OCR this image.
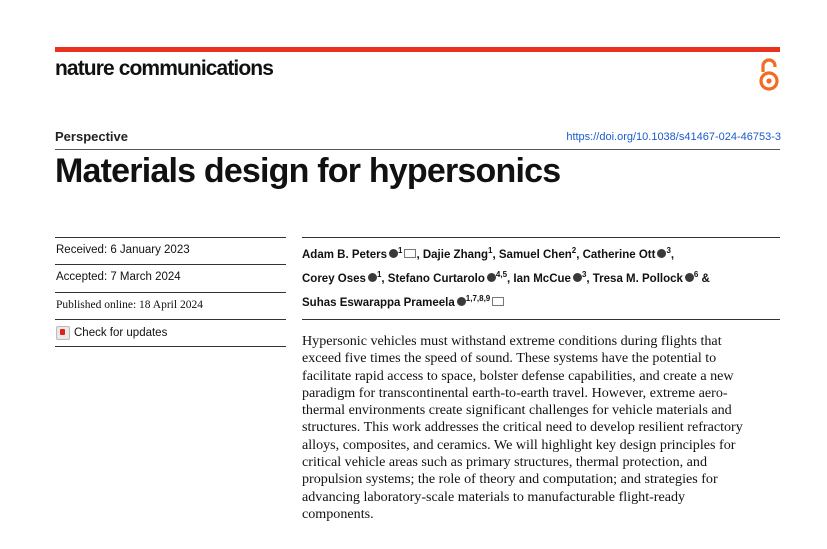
nature communications
Perspective	https://doi.org/10.1038/s41467-024-46753-3
Materials design for hypersonics
Received: 6 January 2023
Accepted: 7 March 2024
Published online: 18 April 2024
Check for updates
Adam B. Peters $^1$ , Dajie Zhang$^1$, Samuel Chen$^2$, Catherine Ott $^3$,
Corey Oses $^1$, Stefano Curtarolo $^{4,5}$, Ian McCue $^3$, Tresa M. Pollock $^6$ &
Suhas Eswarappa Prameela $^{1,7,8,9}$
Hypersonic vehicles must withstand extreme conditions during flights that
exceed five times the speed of sound. These systems have the potential to
facilitate rapid access to space, bolster defense capabilities, and create a new
paradigm for transcontinental earth-to-earth travel. However, extreme aero-
thermal environments create significant challenges for vehicle materials and
structures. This work addresses the critical need to develop resilient refractory
alloys, composites, and ceramics. We will highlight key design principles for
critical vehicle areas such as primary structures, thermal protection, and
propulsion systems; the role of theory and computation; and strategies for
advancing laboratory-scale materials to manufacturable flight-ready
components.
